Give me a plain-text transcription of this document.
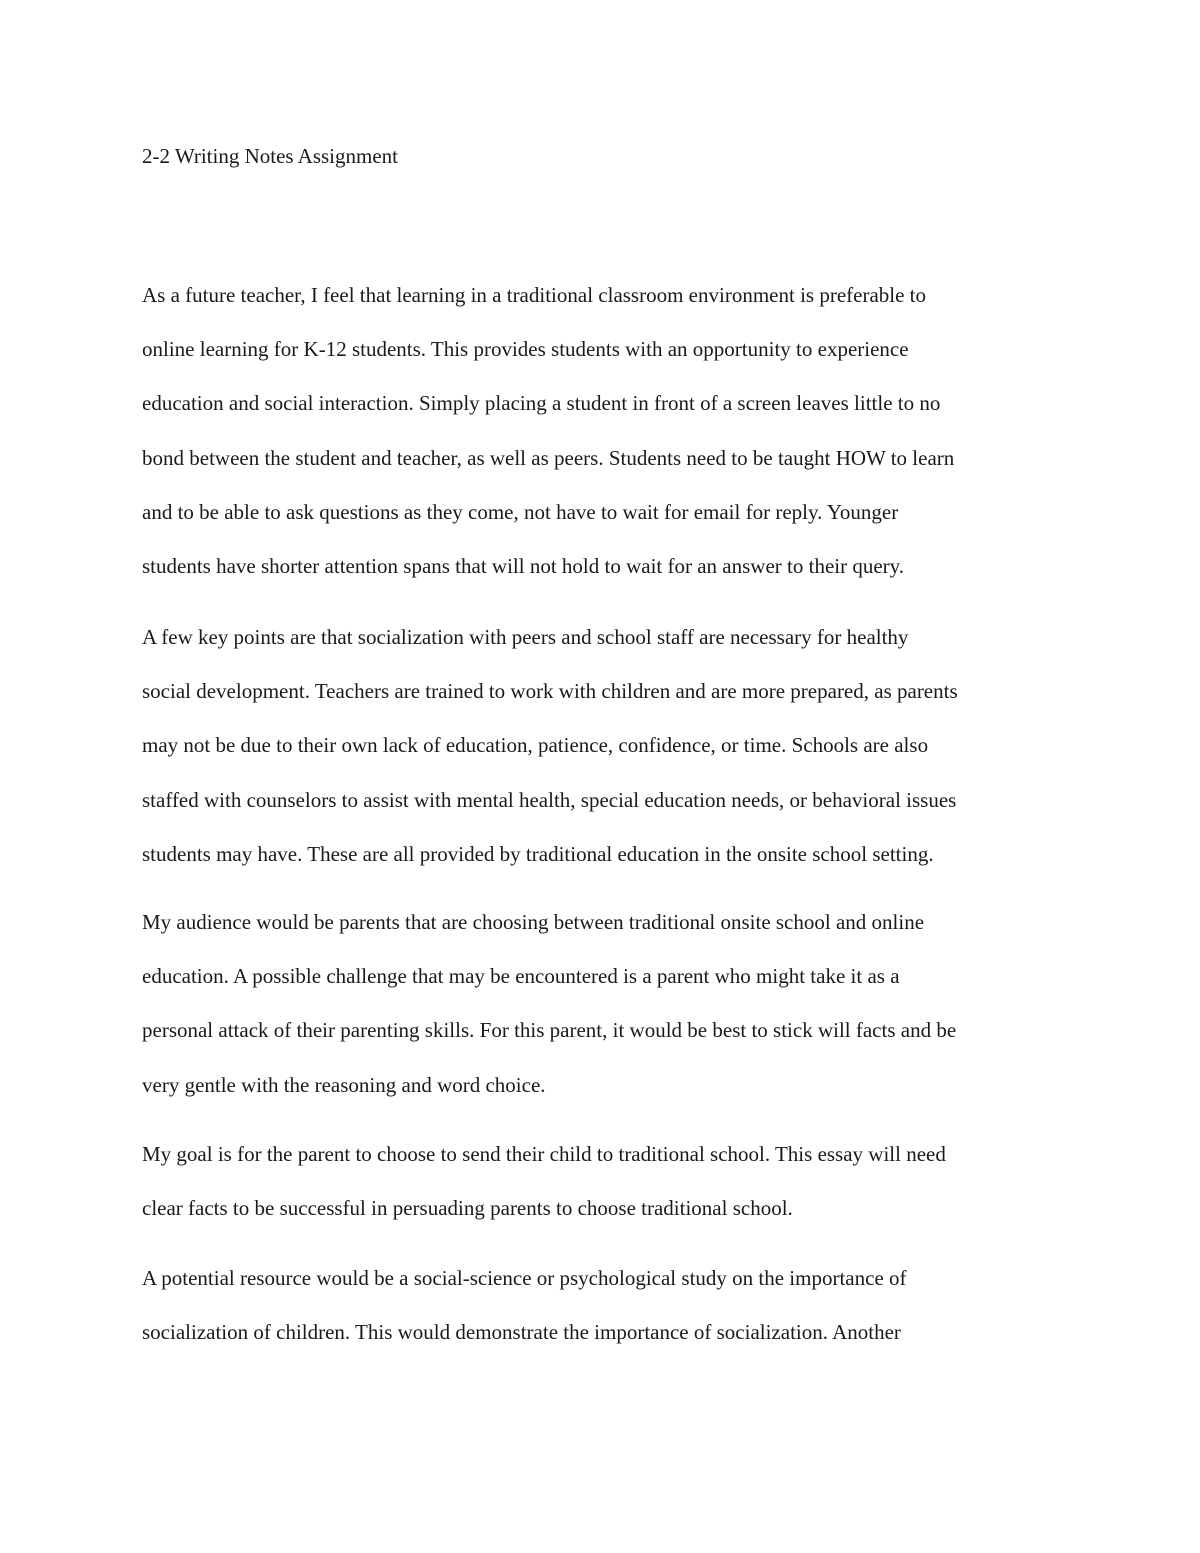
2-2 Writing Notes Assignment

As a future teacher, I feel that learning in a traditional classroom environment is preferable to
online learning for K-12 students. This provides students with an opportunity to experience
education and social interaction. Simply placing a student in front of a screen leaves little to no
bond between the student and teacher, as well as peers. Students need to be taught HOW to learn
and to be able to ask questions as they come, not have to wait for email for reply. Younger
students have shorter attention spans that will not hold to wait for an answer to their query.

A few key points are that socialization with peers and school staff are necessary for healthy
social development. Teachers are trained to work with children and are more prepared, as parents
may not be due to their own lack of education, patience, confidence, or time. Schools are also
staffed with counselors to assist with mental health, special education needs, or behavioral issues
students may have. These are all provided by traditional education in the onsite school setting.

My audience would be parents that are choosing between traditional onsite school and online
education. A possible challenge that may be encountered is a parent who might take it as a
personal attack of their parenting skills. For this parent, it would be best to stick will facts and be
very gentle with the reasoning and word choice.

My goal is for the parent to choose to send their child to traditional school. This essay will need
clear facts to be successful in persuading parents to choose traditional school.

A potential resource would be a social-science or psychological study on the importance of
socialization of children. This would demonstrate the importance of socialization. Another
